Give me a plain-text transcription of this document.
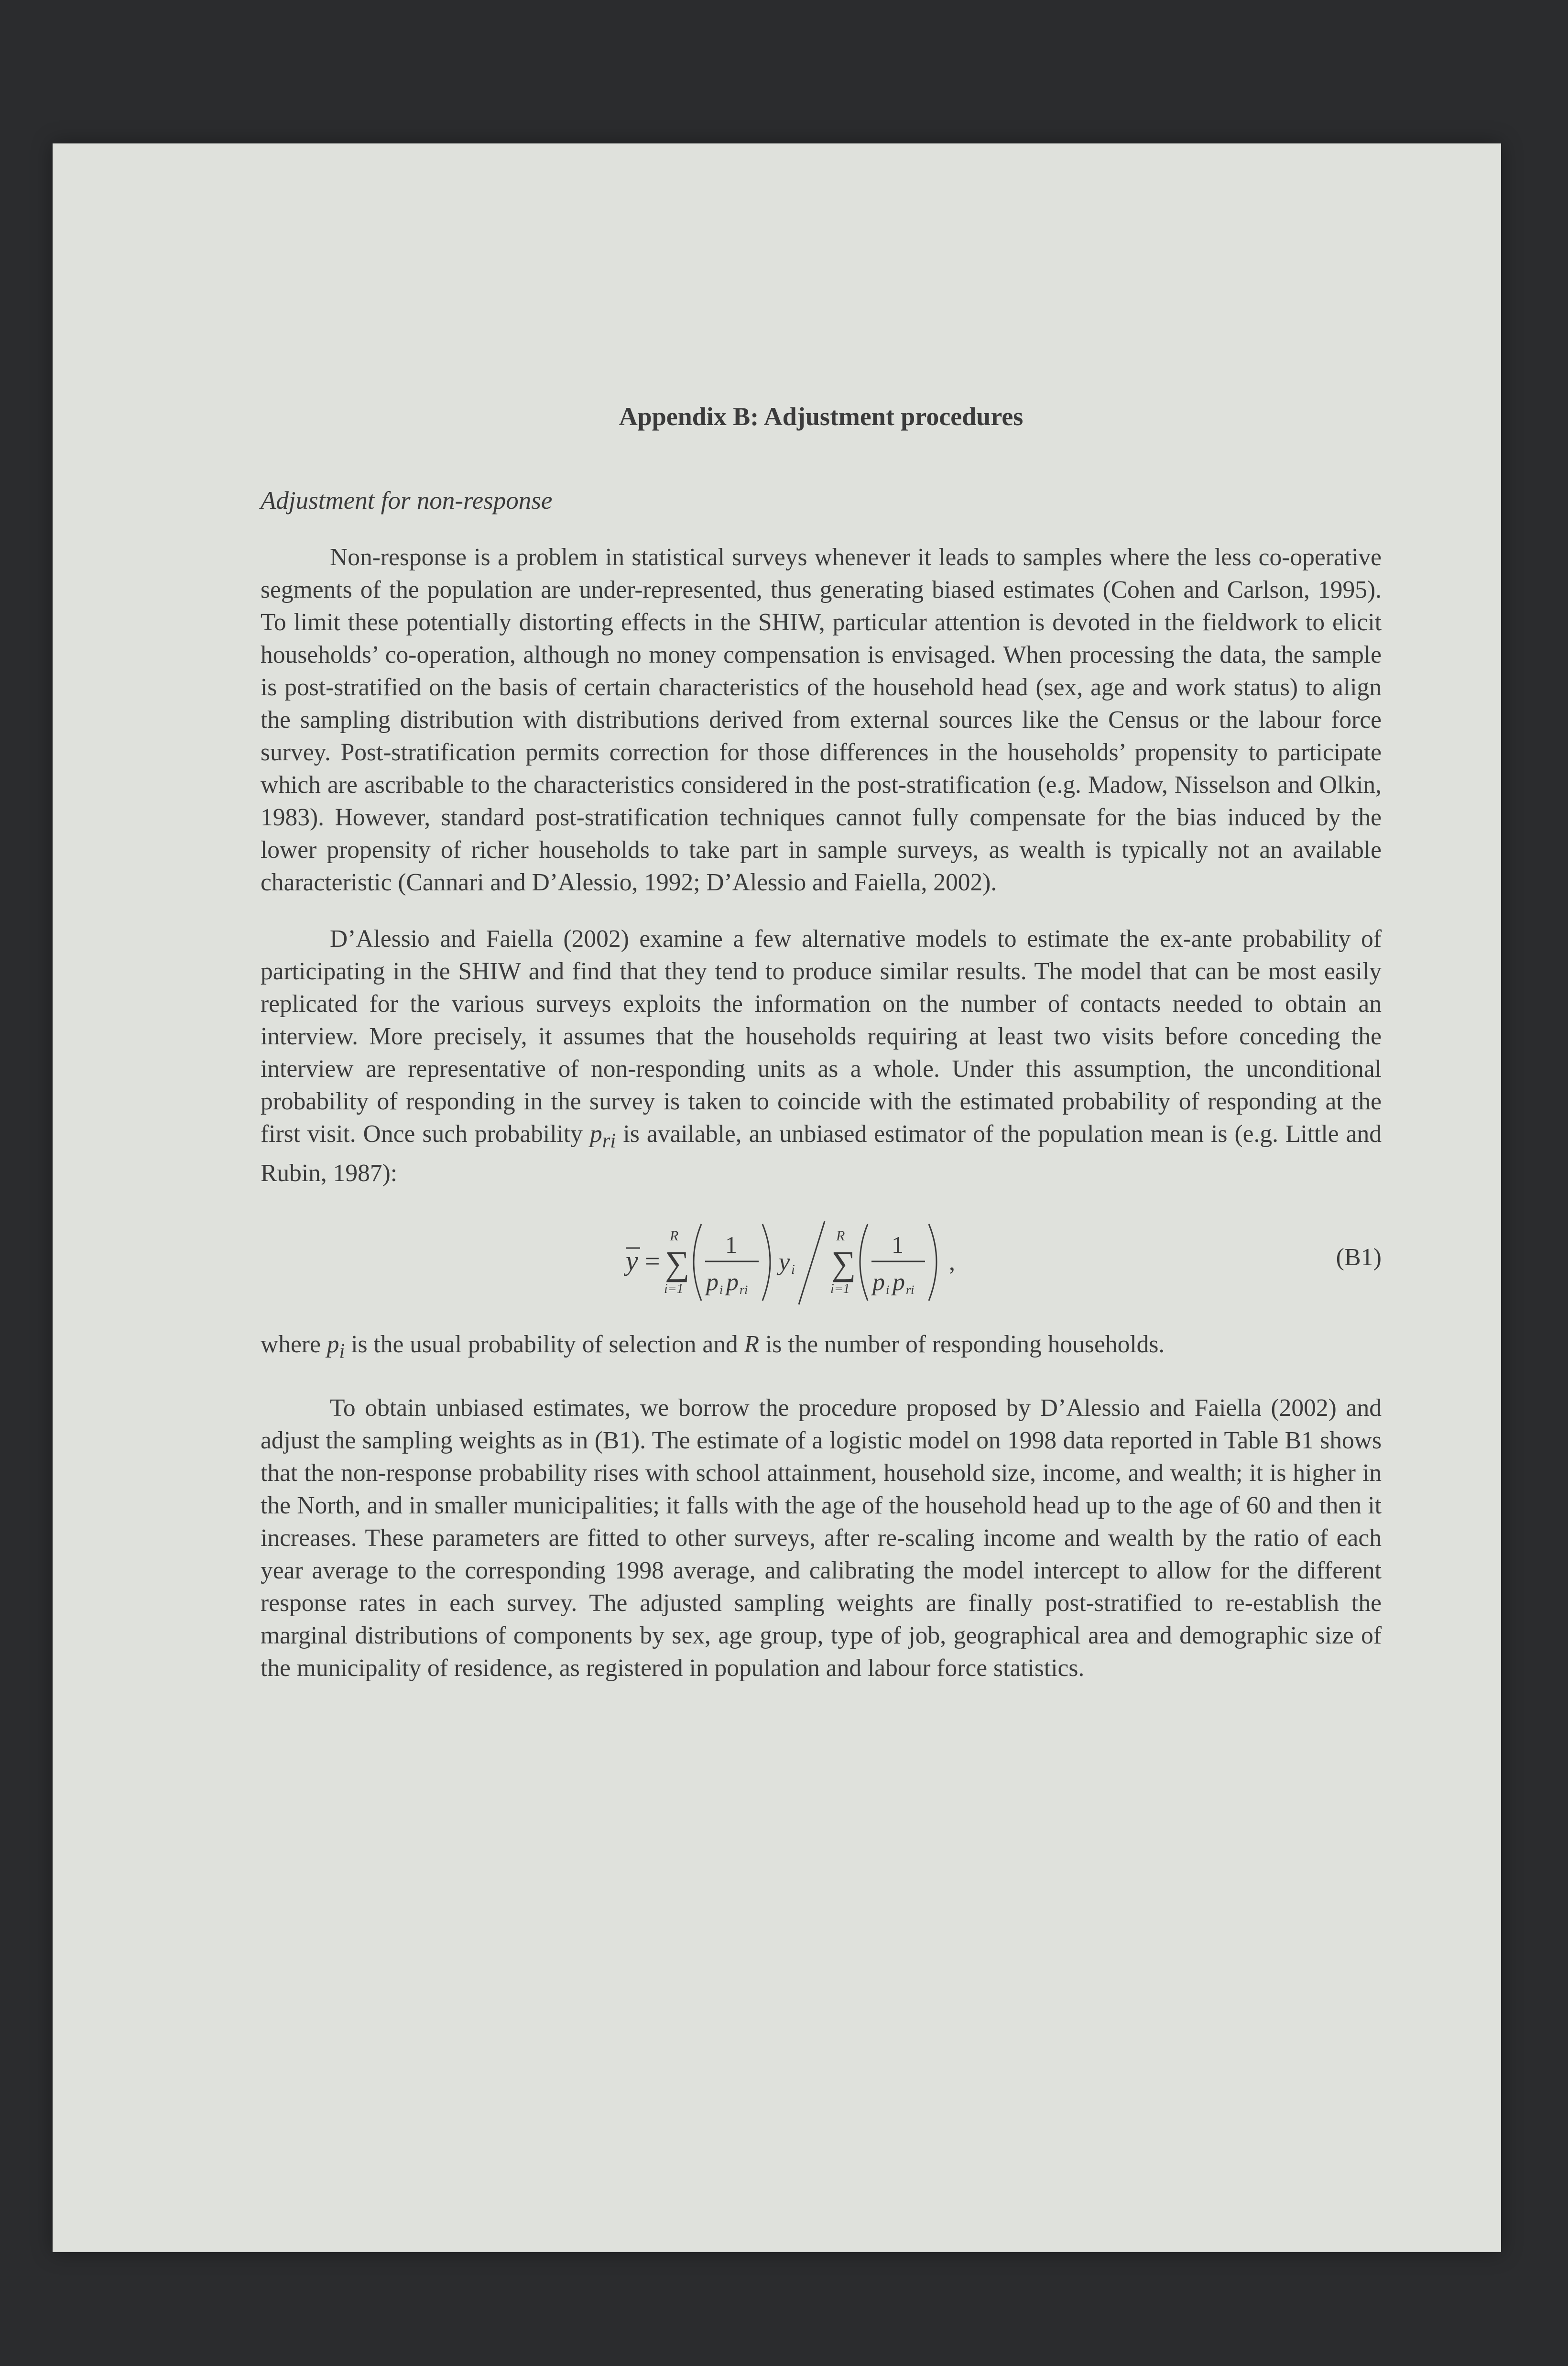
Appendix B: Adjustment procedures
Adjustment for non-response

Non-response is a problem in statistical surveys whenever it leads to samples where the less co-operative segments of the population are under-represented, thus generating biased estimates (Cohen and Carlson, 1995). To limit these potentially distorting effects in the SHIW, particular attention is devoted in the fieldwork to elicit households’ co-operation, although no money compensation is envisaged. When processing the data, the sample is post-stratified on the basis of certain characteristics of the household head (sex, age and work status) to align the sampling distribution with distributions derived from external sources like the Census or the labour force survey. Post-stratification permits correction for those differences in the households’ propensity to participate which are ascribable to the characteristics considered in the post-stratification (e.g. Madow, Nisselson and Olkin, 1983). However, standard post-stratification techniques cannot fully compensate for the bias induced by the lower propensity of richer households to take part in sample surveys, as wealth is typically not an available characteristic (Cannari and D’Alessio, 1992; D’Alessio and Faiella, 2002).

D’Alessio and Faiella (2002) examine a few alternative models to estimate the ex-ante probability of participating in the SHIW and find that they tend to produce similar results. The model that can be most easily replicated for the various surveys exploits the information on the number of contacts needed to obtain an interview. More precisely, it assumes that the households requiring at least two visits before conceding the interview are representative of non-responding units as a whole. Under this assumption, the unconditional probability of responding in the survey is taken to coincide with the estimated probability of responding at the first visit. Once such probability $p_{ri}$ is available, an unbiased estimator of the population mean is (e.g. Little and Rubin, 1987):

y =
R
∑
i=1
1
p i p ri
y i
R
∑
i=1
1
p i p ri
,	(B1)

where $p_i$ is the usual probability of selection and R is the number of responding households.

To obtain unbiased estimates, we borrow the procedure proposed by D’Alessio and Faiella (2002) and adjust the sampling weights as in (B1). The estimate of a logistic model on 1998 data reported in Table B1 shows that the non-response probability rises with school attainment, household size, income, and wealth; it is higher in the North, and in smaller municipalities; it falls with the age of the household head up to the age of 60 and then it increases. These parameters are fitted to other surveys, after re-scaling income and wealth by the ratio of each year average to the corresponding 1998 average, and calibrating the model intercept to allow for the different response rates in each survey. The adjusted sampling weights are finally post-stratified to re-establish the marginal distributions of components by sex, age group, type of job, geographical area and demographic size of the municipality of residence, as registered in population and labour force statistics.
